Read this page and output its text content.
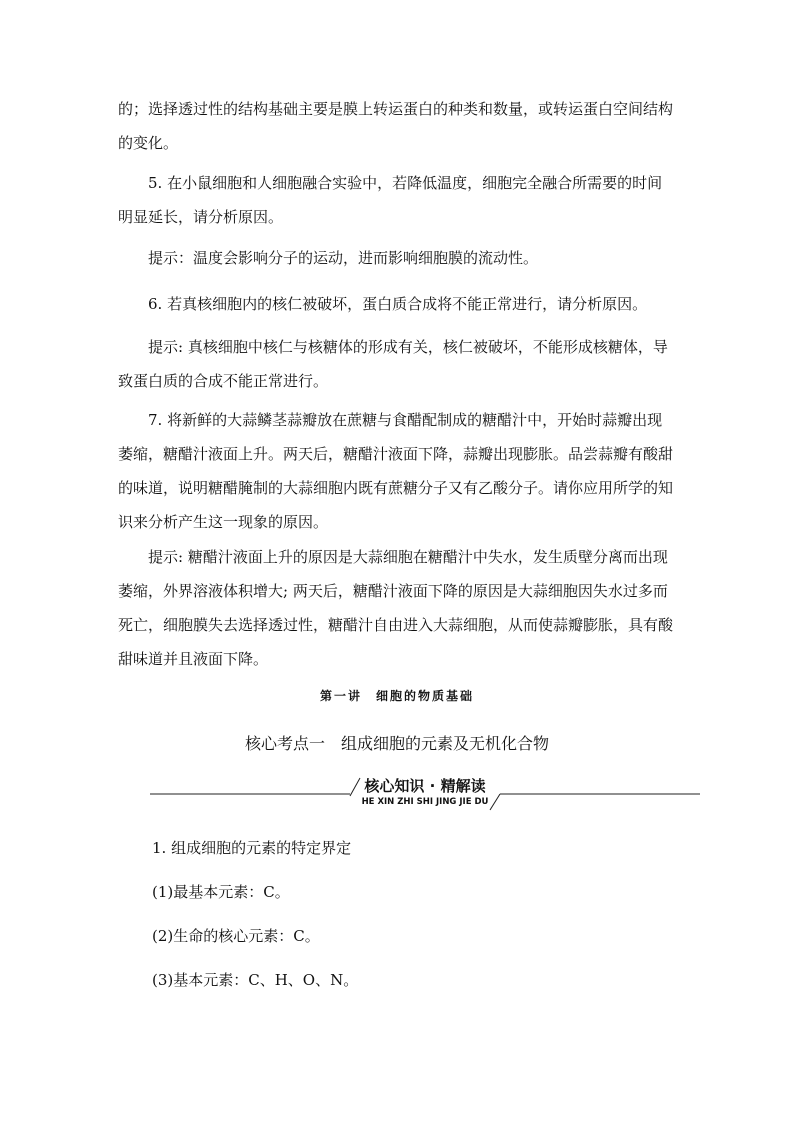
的；选择透过性的结构基础主要是膜上转运蛋白的种类和数量，或转运蛋白空间结构的变化。

5. 在小鼠细胞和人细胞融合实验中，若降低温度，细胞完全融合所需要的时间明显延长，请分析原因。

提示：温度会影响分子的运动，进而影响细胞膜的流动性。

6. 若真核细胞内的核仁被破坏，蛋白质合成将不能正常进行，请分析原因。

提示: 真核细胞中核仁与核糖体的形成有关，核仁被破坏，不能形成核糖体，导致蛋白质的合成不能正常进行。

7. 将新鲜的大蒜鳞茎蒜瓣放在蔗糖与食醋配制成的糖醋汁中，开始时蒜瓣出现萎缩，糖醋汁液面上升。两天后，糖醋汁液面下降，蒜瓣出现膨胀。品尝蒜瓣有酸甜的味道，说明糖醋腌制的大蒜细胞内既有蔗糖分子又有乙酸分子。请你应用所学的知识来分析产生这一现象的原因。

提示: 糖醋汁液面上升的原因是大蒜细胞在糖醋汁中失水，发生质壁分离而出现萎缩，外界溶液体积增大; 两天后，糖醋汁液面下降的原因是大蒜细胞因失水过多而死亡，细胞膜失去选择透过性，糖醋汁自由进入大蒜细胞，从而使蒜瓣膨胀，具有酸甜味道并且液面下降。

第一讲　细胞的物质基础
核心考点一　组成细胞的元素及无机化合物
核心知识 · 精解读
HE XIN ZHI SHI JING JIE DU

1. 组成细胞的元素的特定界定

(1)最基本元素：C。

(2)生命的核心元素：C。

(3)基本元素：C、H、O、N。
